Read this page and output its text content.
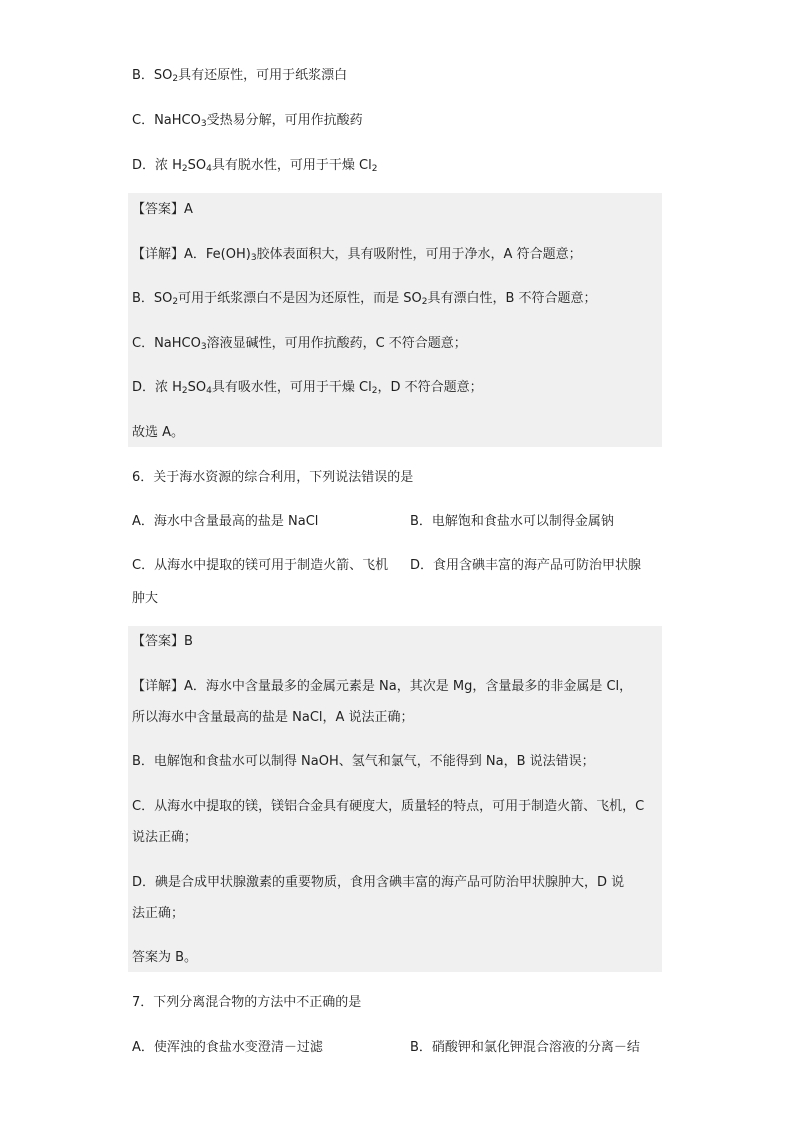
B．$SO_2$具有还原性，可用于纸浆漂白
C．NaHCO$_3$受热易分解，可用作抗酸药
D．浓 $H_2SO_4$具有脱水性，可用于干燥 $Cl_2$
【答案】A
【详解】A．$Fe(OH)_3$胶体表面积大，具有吸附性，可用于净水，A 符合题意；
B．$SO_2$可用于纸浆漂白不是因为还原性，而是 $SO_2$具有漂白性，B 不符合题意；
C．NaHCO$_3$溶液显碱性，可用作抗酸药，C 不符合题意；
D．浓 $H_2SO_4$具有吸水性，可用于干燥 $Cl_2$，D 不符合题意；
故选 A。
6．关于海水资源的综合利用，下列说法错误的是
A．海水中含量最高的盐是 NaCl	B．电解饱和食盐水可以制得金属钠
C．从海水中提取的镁可用于制造火箭、飞机 D．食用含碘丰富的海产品可防治甲状腺
肿大
【答案】B
【详解】A．海水中含量最多的金属元素是 Na，其次是 Mg，含量最多的非金属是 Cl，
所以海水中含量最高的盐是 NaCl，A 说法正确；
B．电解饱和食盐水可以制得 NaOH、氢气和氯气，不能得到 Na，B 说法错误；
C．从海水中提取的镁，镁铝合金具有硬度大，质量轻的特点，可用于制造火箭、飞机，C
说法正确；
D．碘是合成甲状腺激素的重要物质，食用含碘丰富的海产品可防治甲状腺肿大，D 说
法正确；
答案为 B。
7．下列分离混合物的方法中不正确的是
A．使浑浊的食盐水变澄清－过滤	B．硝酸钾和氯化钾混合溶液的分离－结
